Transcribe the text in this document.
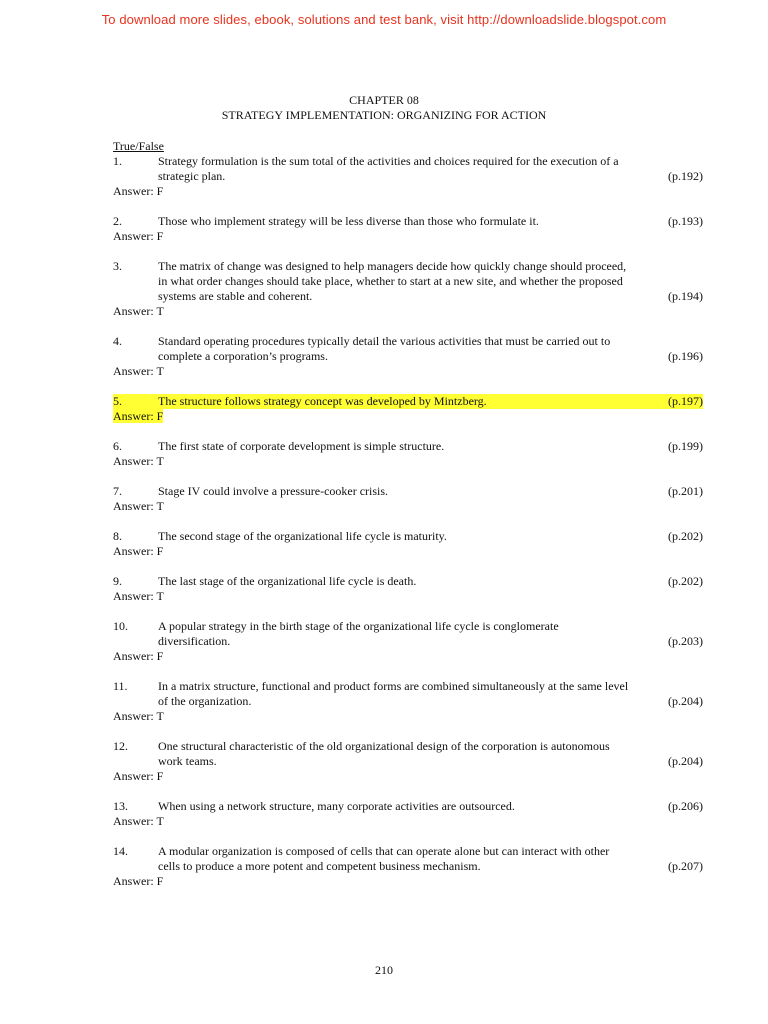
To download more slides, ebook, solutions and test bank, visit http://downloadslide.blogspot.com
CHAPTER 08
STRATEGY IMPLEMENTATION: ORGANIZING FOR ACTION
True/False
1.	Strategy formulation is the sum total of the activities and choices required for the execution of a
strategic plan.	(p.192)
Answer: F
2.	Those who implement strategy will be less diverse than those who formulate it.	(p.193)
Answer: F
3.	The matrix of change was designed to help managers decide how quickly change should proceed,
in what order changes should take place, whether to start at a new site, and whether the proposed
systems are stable and coherent.	(p.194)
Answer: T
4.	Standard operating procedures typically detail the various activities that must be carried out to
complete a corporation’s programs.	(p.196)
Answer: T
5.	The structure follows strategy concept was developed by Mintzberg.	(p.197)
Answer: F
6.	The first state of corporate development is simple structure.	(p.199)
Answer: T
7.	Stage IV could involve a pressure-cooker crisis.	(p.201)
Answer: T
8.	The second stage of the organizational life cycle is maturity.	(p.202)
Answer: F
9.	The last stage of the organizational life cycle is death.	(p.202)
Answer: T
10.	A popular strategy in the birth stage of the organizational life cycle is conglomerate
diversification.	(p.203)
Answer: F
11.	In a matrix structure, functional and product forms are combined simultaneously at the same level
of the organization.	(p.204)
Answer: T
12.	One structural characteristic of the old organizational design of the corporation is autonomous
work teams.	(p.204)
Answer: F
13.	When using a network structure, many corporate activities are outsourced.	(p.206)
Answer: T
14.	A modular organization is composed of cells that can operate alone but can interact with other
cells to produce a more potent and competent business mechanism.	(p.207)
Answer: F
210
